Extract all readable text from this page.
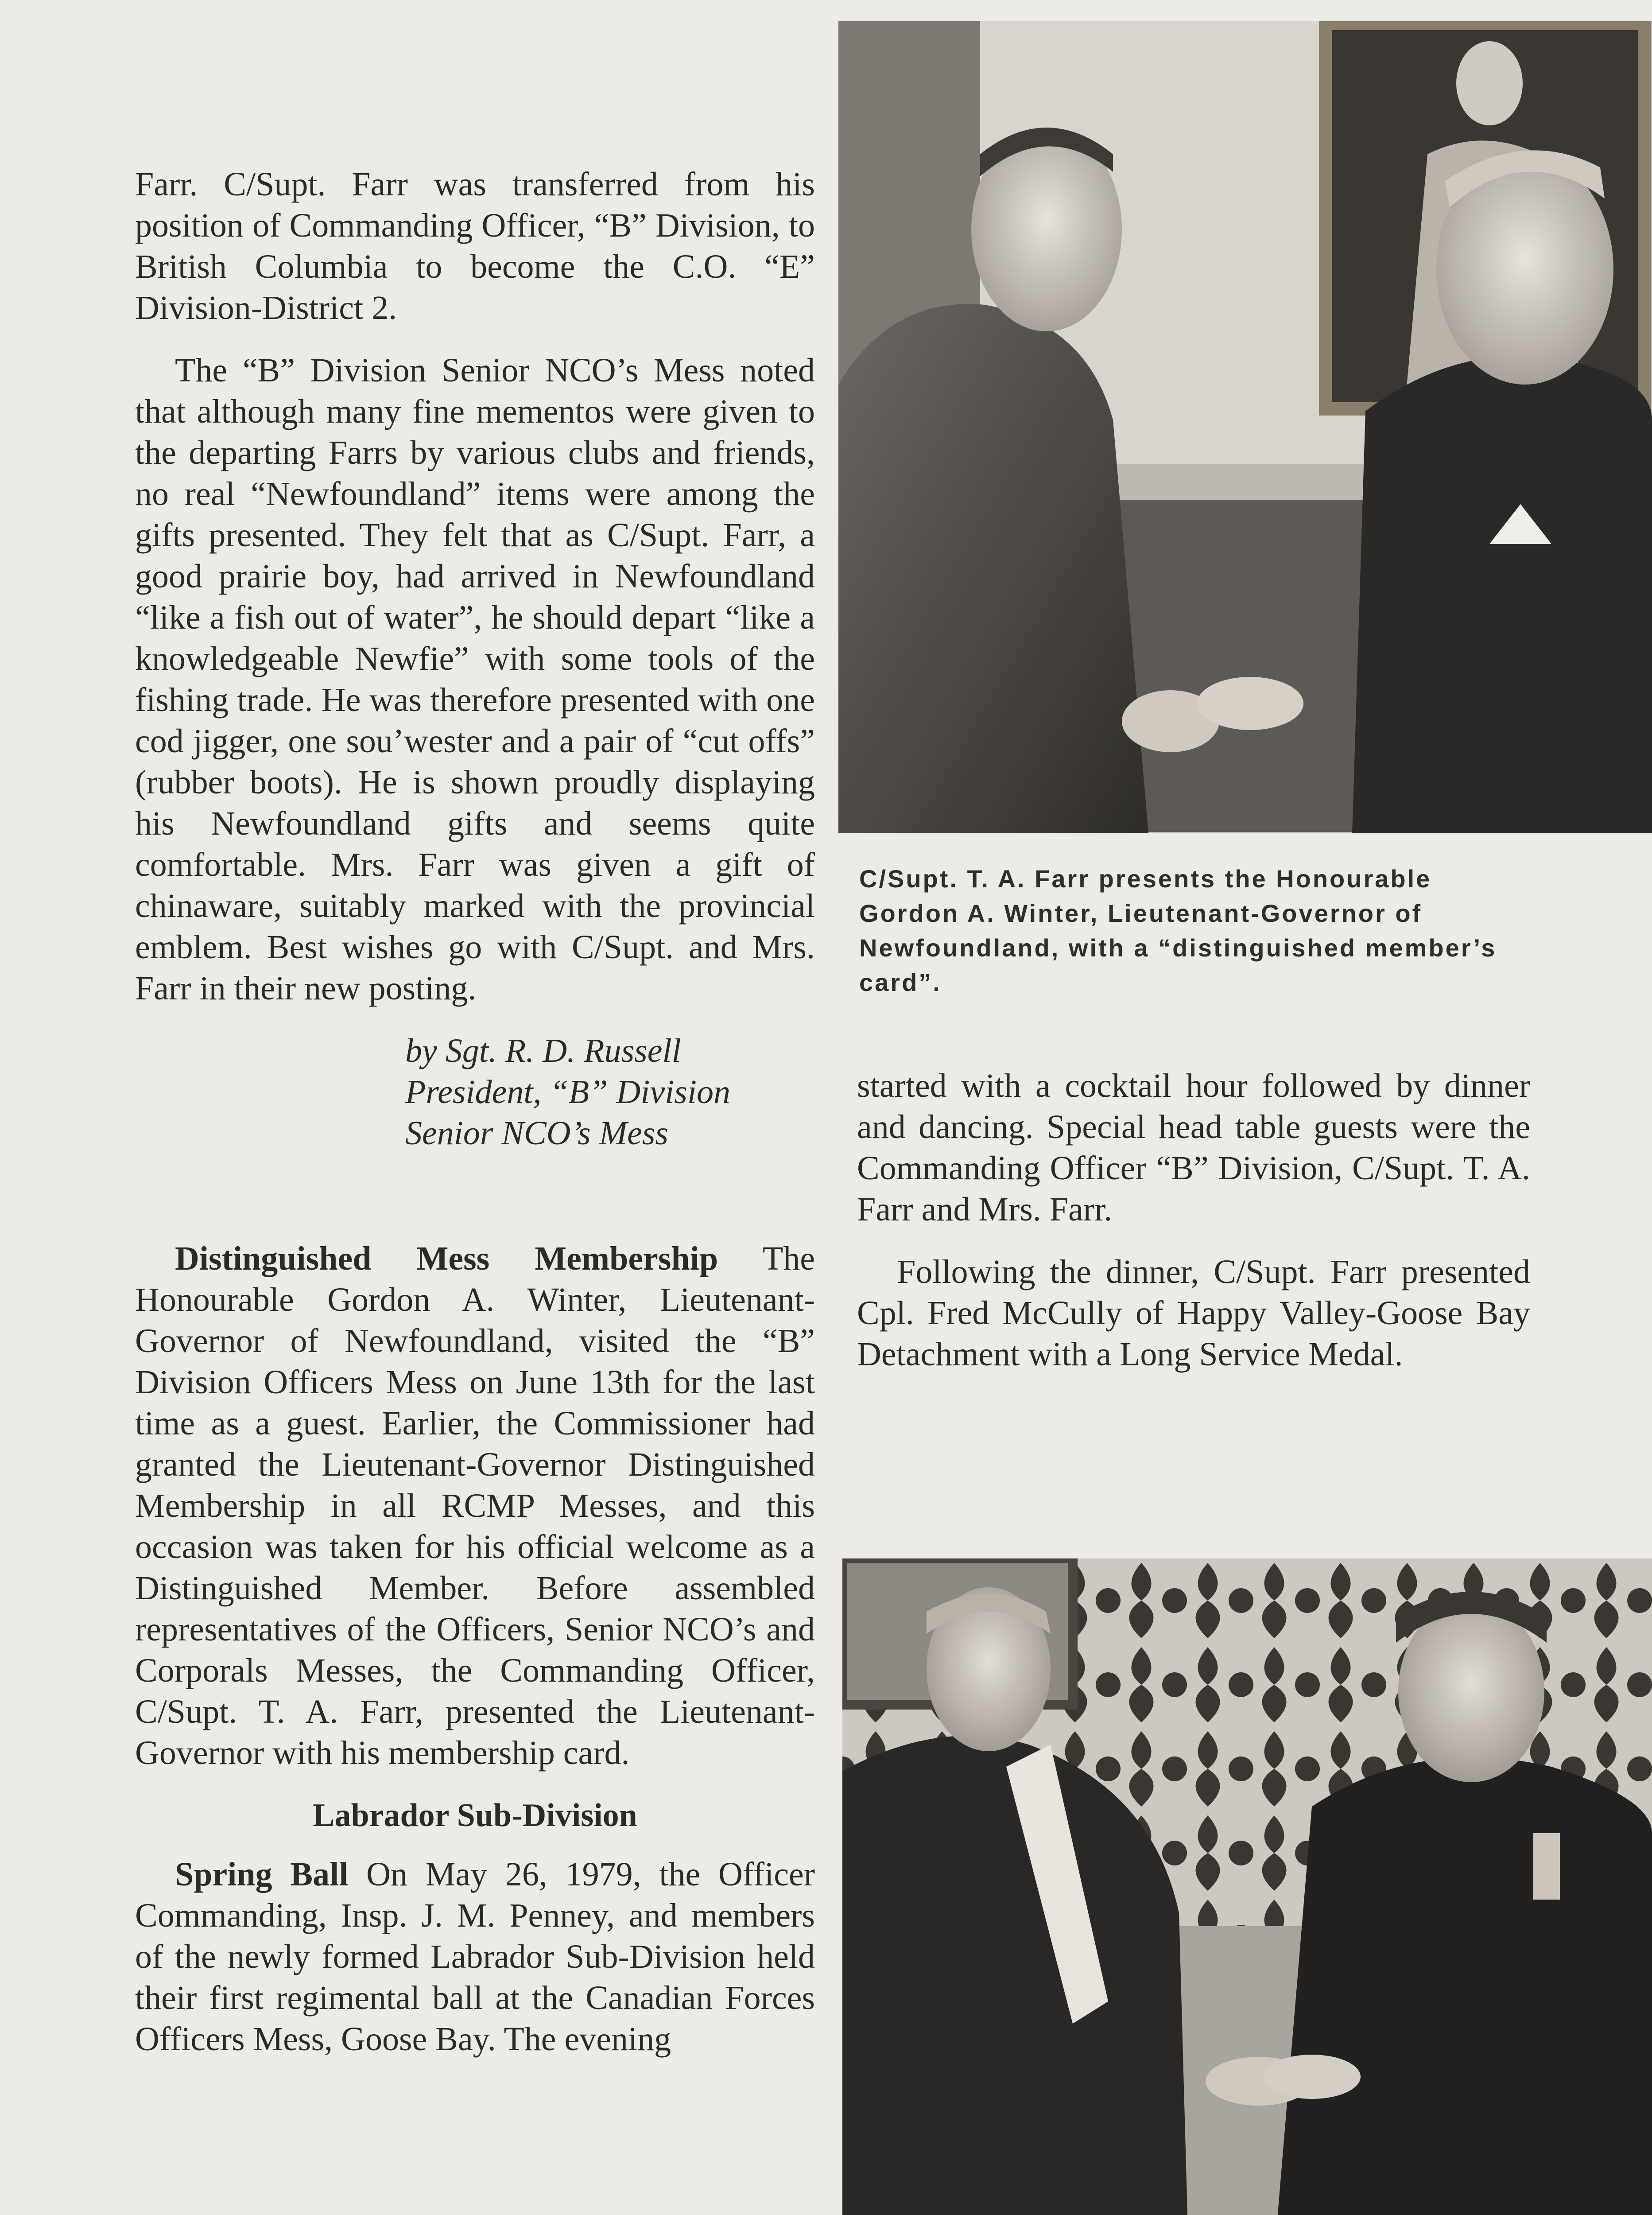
Farr. C/Supt. Farr was transferred from his position of Commanding Officer, “B” Division, to British Columbia to become the C.O. “E” Division-District 2.

The “B” Division Senior NCO’s Mess noted that although many fine mementos were given to the departing Farrs by various clubs and friends, no real “Newfoundland” items were among the gifts presented. They felt that as C/Supt. Farr, a good prairie boy, had arrived in Newfoundland “like a fish out of water”, he should depart “like a knowledgeable Newfie” with some tools of the fishing trade. He was therefore presented with one cod jigger, one sou’wester and a pair of “cut offs” (rubber boots). He is shown proudly displaying his Newfoundland gifts and seems quite comfortable. Mrs. Farr was given a gift of chinaware, suitably marked with the provincial emblem. Best wishes go with C/Supt. and Mrs. Farr in their new posting.

by Sgt. R. D. Russell
President, “B” Division
Senior NCO’s Mess

Distinguished Mess Membership The Honourable Gordon A. Winter, Lieutenant-Governor of Newfoundland, visited the “B” Division Officers Mess on June 13th for the last time as a guest. Earlier, the Commissioner had granted the Lieutenant-Governor Distinguished Membership in all RCMP Messes, and this occasion was taken for his official welcome as a Distinguished Member. Before assembled representatives of the Officers, Senior NCO’s and Corporals Messes, the Commanding Officer, C/Supt. T. A. Farr, presented the Lieutenant-Governor with his membership card.

Labrador Sub-Division

Spring Ball On May 26, 1979, the Officer Commanding, Insp. J. M. Penney, and members of the newly formed Labrador Sub-Division held their first regimental ball at the Canadian Forces Officers Mess, Goose Bay. The evening

C/Supt. T. A. Farr presents the Honourable Gordon A. Winter, Lieutenant-Governor of Newfoundland, with a “distinguished member’s card”.

started with a cocktail hour followed by dinner and dancing. Special head table guests were the Commanding Officer “B” Division, C/Supt. T. A. Farr and Mrs. Farr.

Following the dinner, C/Supt. Farr presented Cpl. Fred McCully of Happy Valley-Goose Bay Detachment with a Long Service Medal.
